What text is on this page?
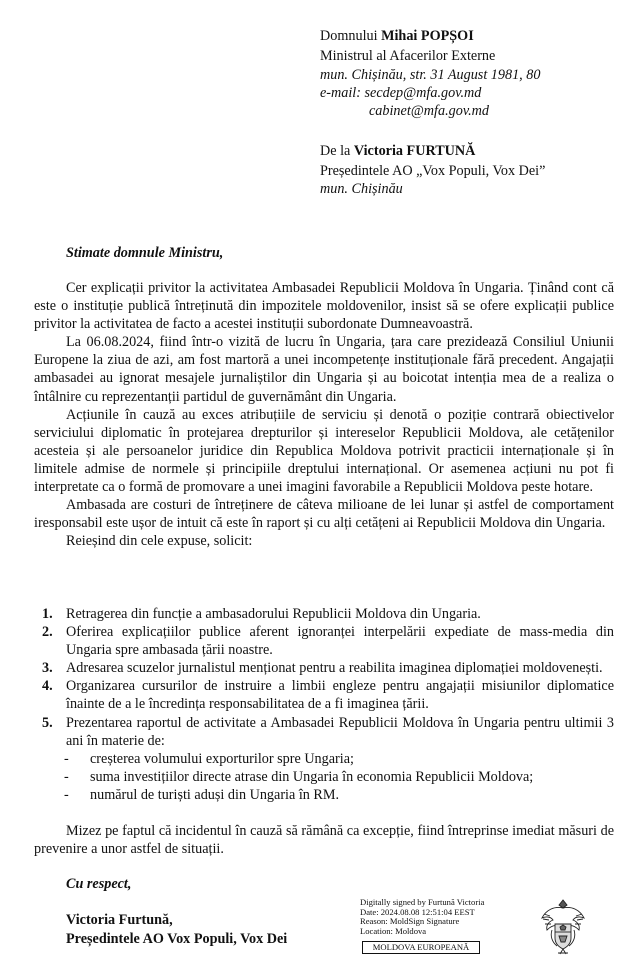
Domnului Mihai POPȘOI
Ministrul al Afacerilor Externe
mun. Chișinău, str. 31 August 1981, 80
e-mail: secdep@mfa.gov.md
cabinet@mfa.gov.md
De la Victoria FURTUNĂ
Președintele AO „Vox Populi, Vox Dei”
mun. Chișinău
Stimate domnule Ministru,

Cer explicații privitor la activitatea Ambasadei Republicii Moldova în Ungaria. Ținând cont că este o instituție publică întreținută din impozitele moldovenilor, insist să se ofere explicații publice privitor la activitatea de facto a acestei instituții subordonate Dumneavoastră.

La 06.08.2024, fiind într-o vizită de lucru în Ungaria, țara care prezidează Consiliul Uniunii Europene la ziua de azi, am fost martoră a unei incompetențe instituționale fără precedent. Angajații ambasadei au ignorat mesajele jurnaliștilor din Ungaria și au boicotat intenția mea de a realiza o întâlnire cu reprezentanții partidul de guvernământ din Ungaria.

Acțiunile în cauză au exces atribuțiile de serviciu și denotă o poziție contrară obiectivelor serviciului diplomatic în protejarea drepturilor și intereselor Republicii Moldova, ale cetățenilor acesteia și ale persoanelor juridice din Republica Moldova potrivit practicii internaționale și în limitele admise de normele și principiile dreptului internațional. Or asemenea acțiuni nu pot fi interpretate ca o formă de promovare a unei imagini favorabile a Republicii Moldova peste hotare.

Ambasada are costuri de întreținere de câteva milioane de lei lunar și astfel de comportament iresponsabil este ușor de intuit că este în raport și cu alți cetățeni ai Republicii Moldova din Ungaria.

Reieșind din cele expuse, solicit:

1. Retragerea din funcție a ambasadorului Republicii Moldova din Ungaria.
2. Oferirea explicațiilor publice aferent ignoranței interpelării expediate de mass-media din Ungaria spre ambasada țării noastre.
3. Adresarea scuzelor jurnalistul menționat pentru a reabilita imaginea diplomației moldovenești.
4. Organizarea cursurilor de instruire a limbii engleze pentru angajații misiunilor diplomatice înainte de a le încredința responsabilitatea de a fi imaginea țării.
5. Prezentarea raportul de activitate a Ambasadei Republicii Moldova în Ungaria pentru ultimii 3 ani în materie de:
- creșterea volumului exporturilor spre Ungaria;
- suma investițiilor directe atrase din Ungaria în economia Republicii Moldova;
- numărul de turiști aduși din Ungaria în RM.

Mizez pe faptul că incidentul în cauză să rămână ca excepție, fiind întreprinse imediat măsuri de prevenire a unor astfel de situații.

Cu respect,
Victoria Furtună,
Președintele AO Vox Populi, Vox Dei
Digitally signed by Furtună Victoria
Date: 2024.08.08 12:51:04 EEST
Reason: MoldSign Signature
Location: Moldova
MOLDOVA EUROPEANĂ
